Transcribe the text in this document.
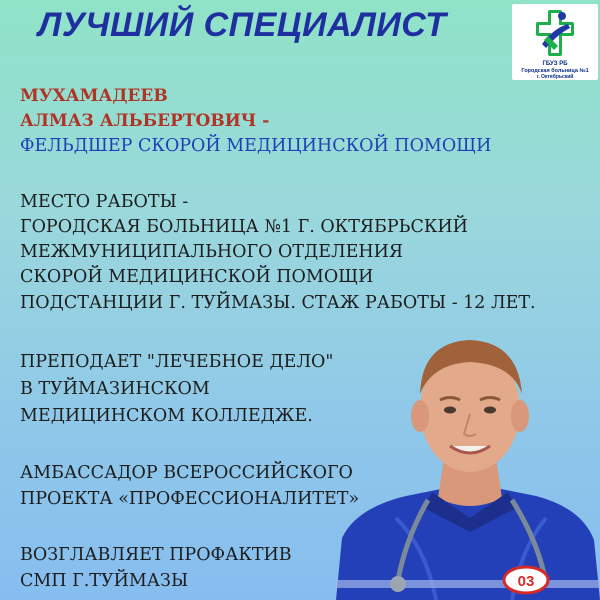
ЛУЧШИЙ СПЕЦИАЛИСТ
ГБУЗ РБ
Городская больница №1
г. Октябрьский
МУХАМАДЕЕВ
АЛМАЗ АЛЬБЕРТОВИЧ -
ФЕЛЬДШЕР СКОРОЙ МЕДИЦИНСКОЙ ПОМОЩИ
МЕСТО РАБОТЫ -
ГОРОДСКАЯ БОЛЬНИЦА №1 Г. ОКТЯБРЬСКИЙ
МЕЖМУНИЦИПАЛЬНОГО ОТДЕЛЕНИЯ
СКОРОЙ МЕДИЦИНСКОЙ ПОМОЩИ
ПОДСТАНЦИИ Г. ТУЙМАЗЫ. СТАЖ РАБОТЫ - 12 ЛЕТ.
ПРЕПОДАЕТ "ЛЕЧЕБНОЕ ДЕЛО"
В ТУЙМАЗИНСКОМ
МЕДИЦИНСКОМ КОЛЛЕДЖЕ.
АМБАССАДОР ВСЕРОССИЙСКОГО
ПРОЕКТА «ПРОФЕССИОНАЛИТЕТ»
ВОЗГЛАВЛЯЕТ ПРОФАКТИВ
СМП Г.ТУЙМАЗЫ	03
